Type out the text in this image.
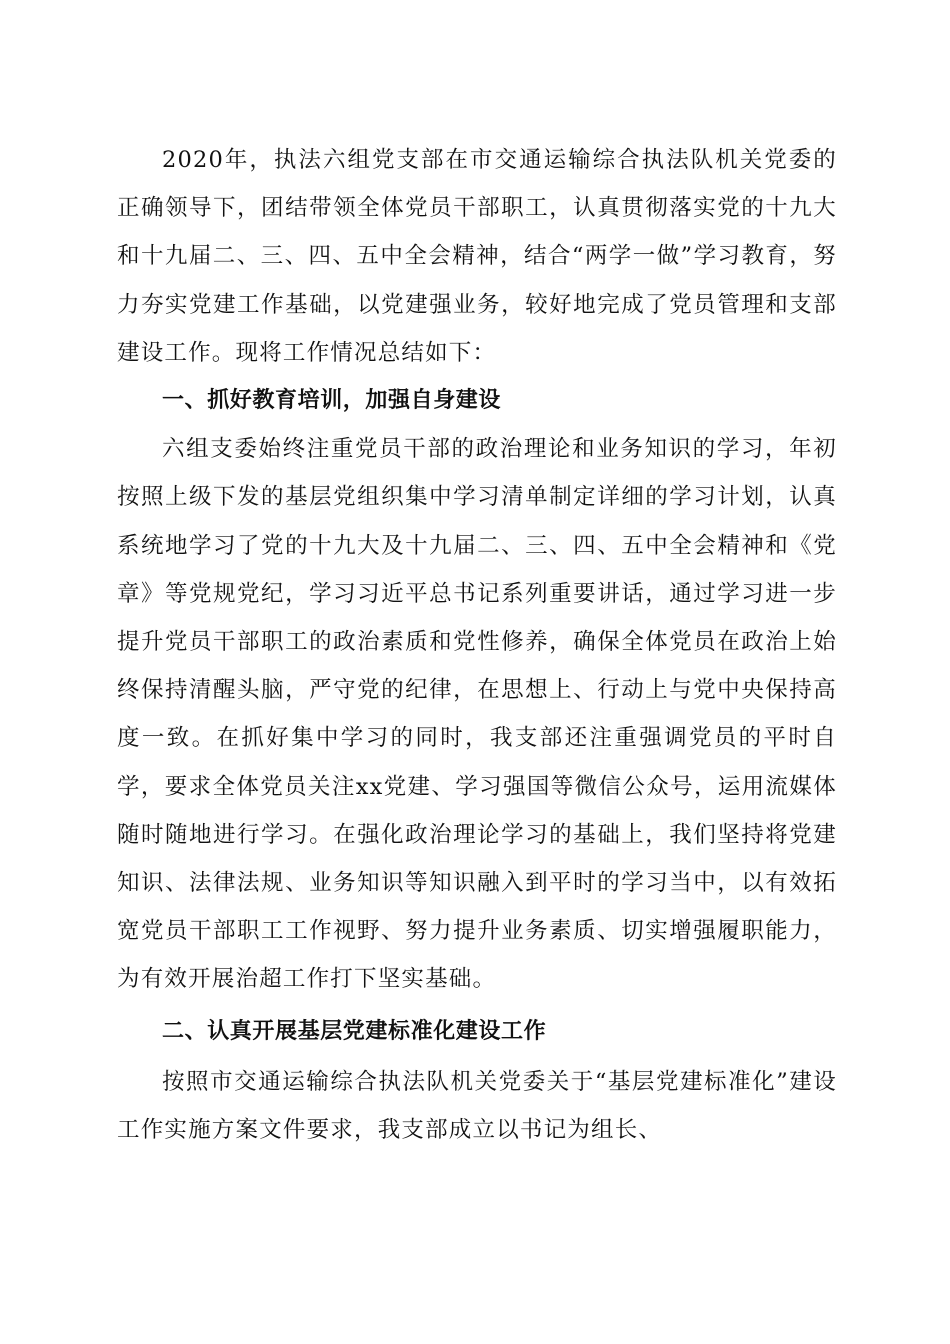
2020年，执法六组党支部在市交通运输综合执法队机关党委的正确领导下，团结带领全体党员干部职工，认真贯彻落实党的十九大和十九届二、三、四、五中全会精神，结合“两学一做”学习教育，努力夯实党建工作基础，以党建强业务，较好地完成了党员管理和支部建设工作。现将工作情况总结如下：

一、抓好教育培训，加强自身建设

六组支委始终注重党员干部的政治理论和业务知识的学习，年初按照上级下发的基层党组织集中学习清单制定详细的学习计划，认真系统地学习了党的十九大及十九届二、三、四、五中全会精神和《党章》等党规党纪，学习习近平总书记系列重要讲话，通过学习进一步提升党员干部职工的政治素质和党性修养，确保全体党员在政治上始终保持清醒头脑，严守党的纪律，在思想上、行动上与党中央保持高度一致。在抓好集中学习的同时，我支部还注重强调党员的平时自学，要求全体党员关注xx党建、学习强国等微信公众号，运用流媒体随时随地进行学习。在强化政治理论学习的基础上，我们坚持将党建知识、法律法规、业务知识等知识融入到平时的学习当中，以有效拓宽党员干部职工工作视野、努力提升业务素质、切实增强履职能力，为有效开展治超工作打下坚实基础。

二、认真开展基层党建标准化建设工作

按照市交通运输综合执法队机关党委关于“基层党建标准化”建设工作实施方案文件要求，我支部成立以书记为组长、
